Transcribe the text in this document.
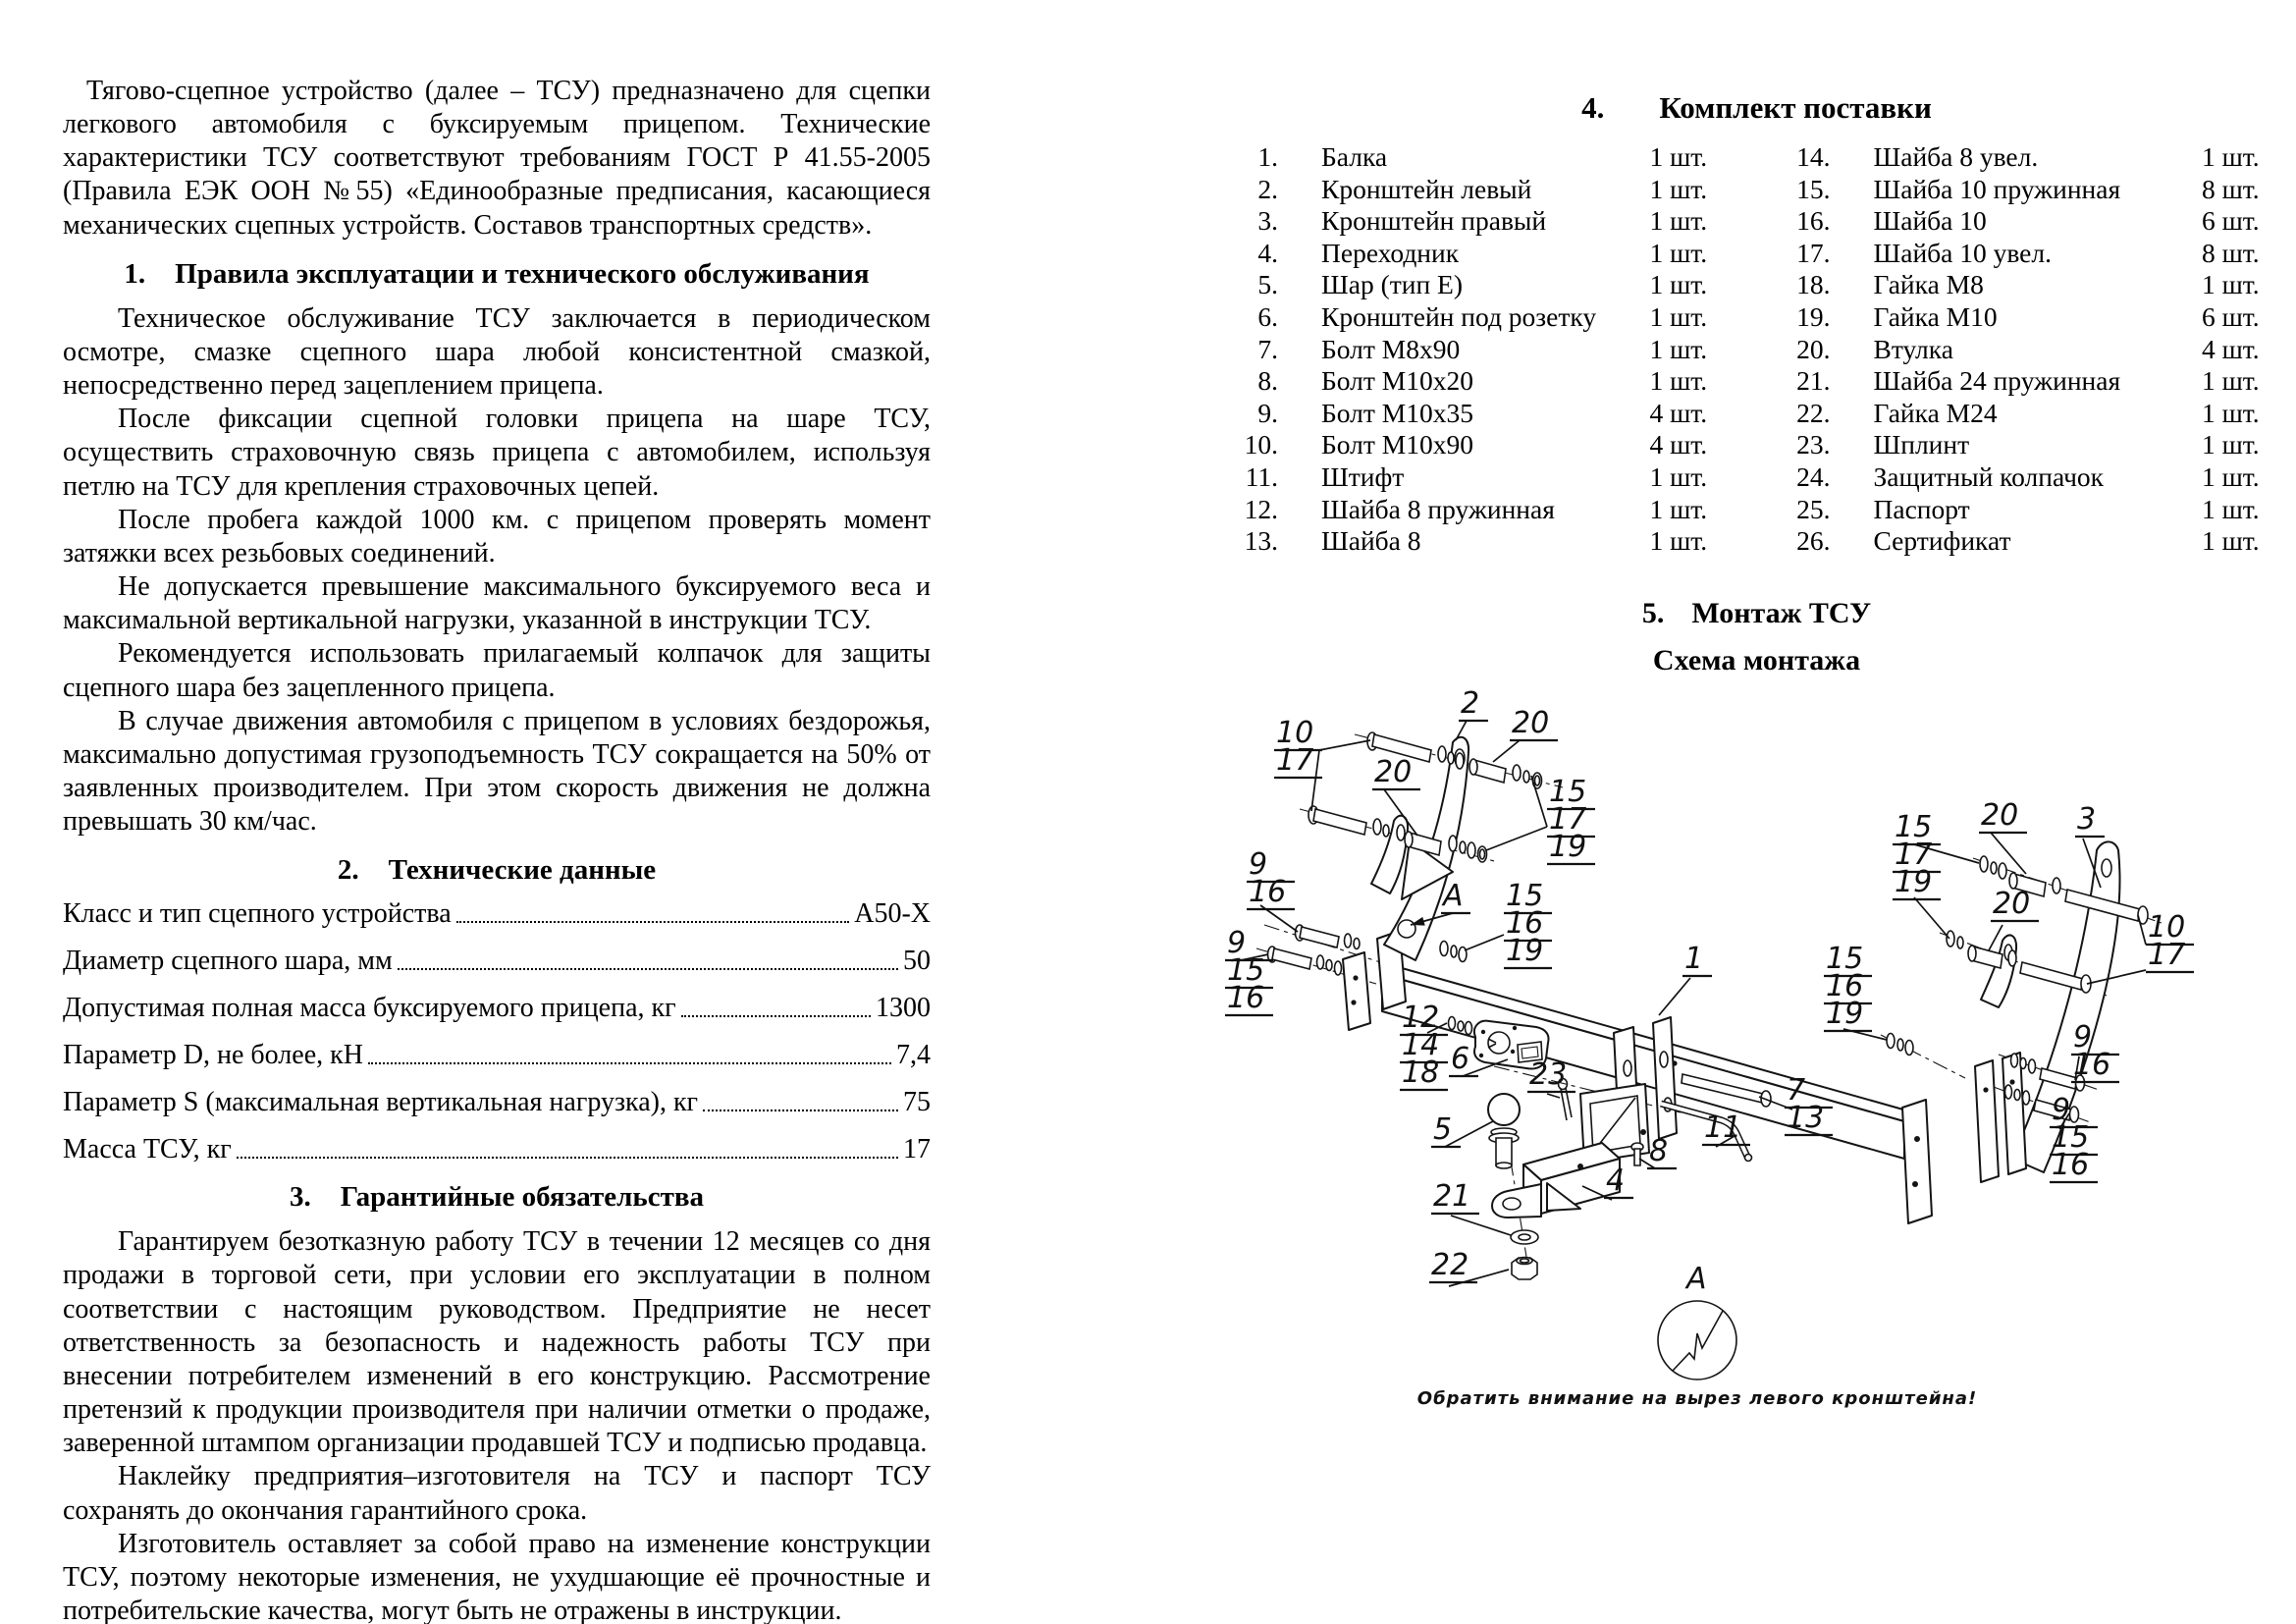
Тягово-сцепное устройство (далее – ТСУ) предназначено для сцепки легкового автомобиля с буксируемым прицепом. Технические характеристики ТСУ соответствуют требованиям ГОСТ Р 41.55-2005 (Правила ЕЭК ООН №55) «Единообразные предписания, касающиеся механических сцепных устройств. Составов транспортных средств».

1. Правила эксплуатации и технического обслуживания

Техническое обслуживание ТСУ заключается в периодическом осмотре, смазке сцепного шара любой консистентной смазкой, непосредственно перед зацеплением прицепа.

После фиксации сцепной головки прицепа на шаре ТСУ, осуществить страховочную связь прицепа с автомобилем, используя петлю на ТСУ для крепления страховочных цепей.

После пробега каждой 1000 км. с прицепом проверять момент затяжки всех резьбовых соединений.

Не допускается превышение максимального буксируемого веса и максимальной вертикальной нагрузки, указанной в инструкции ТСУ.

Рекомендуется использовать прилагаемый колпачок для защиты сцепного шара без зацепленного прицепа.

В случае движения автомобиля с прицепом в условиях бездорожья, максимально допустимая грузоподъемность ТСУ сокращается на 50% от заявленных производителем. При этом скорость движения не должна превышать 30 км/час.

2. Технические данные
Класс и тип сцепного устройства	А50-Х
Диаметр сцепного шара, мм	50
Допустимая полная масса буксируемого прицепа, кг	1300
Параметр D, не более, кН	7,4
Параметр S (максимальная вертикальная нагрузка), кг	75
Масса ТСУ, кг	17
3. Гарантийные обязательства

Гарантируем безотказную работу ТСУ в течении 12 месяцев со дня продажи в торговой сети, при условии его эксплуатации в полном соответствии с настоящим руководством. Предприятие не несет ответственность за безопасность и надежность работы ТСУ при внесении потребителем изменений в его конструкцию. Рассмотрение претензий к продукции производителя при наличии отметки о продаже, заверенной штампом организации продавшей ТСУ и подписью продавца.

Наклейку предприятия–изготовителя на ТСУ и паспорт ТСУ сохранять до окончания гарантийного срока.

Изготовитель оставляет за собой право на изменение конструкции ТСУ, поэтому некоторые изменения, не ухудшающие её прочностные и потребительские качества, могут быть не отражены в инструкции.

4. Комплект поставки
1.	Балка	1 шт.
2.	Кронштейн левый	1 шт.
3.	Кронштейн правый	1 шт.
4.	Переходник	1 шт.
5.	Шар (тип Е)	1 шт.
6.	Кронштейн под розетку	1 шт.
7.	Болт М8х90	1 шт.
8.	Болт М10х20	1 шт.
9.	Болт М10х35	4 шт.
10.	Болт М10х90	4 шт.
11.	Штифт	1 шт.
12.	Шайба 8 пружинная	1 шт.
13.	Шайба 8	1 шт.
14.	Шайба 8 увел.	1 шт.
15.	Шайба 10 пружинная	8 шт.
16.	Шайба 10	6 шт.
17.	Шайба 10 увел.	8 шт.
18.	Гайка М8	1 шт.
19.	Гайка М10	6 шт.
20.	Втулка	4 шт.
21.	Шайба 24 пружинная	1 шт.
22.	Гайка М24	1 шт.
23.	Шплинт	1 шт.
24.	Защитный колпачок	1 шт.
25.	Паспорт	1 шт.
26.	Сертификат	1 шт.
5. Монтаж ТСУ
Схема монтажа
А
Обратить внимание на вырез левого кронштейна!
10
17
2
20
20
15
17
19
9
16	А 15
16
19
9
15
16
1	15
16
19
12
14
18 6 23
5
7
13
11
8
4
21
22
15
17
19
20 3
20
10
17
9
16
9
15
16
